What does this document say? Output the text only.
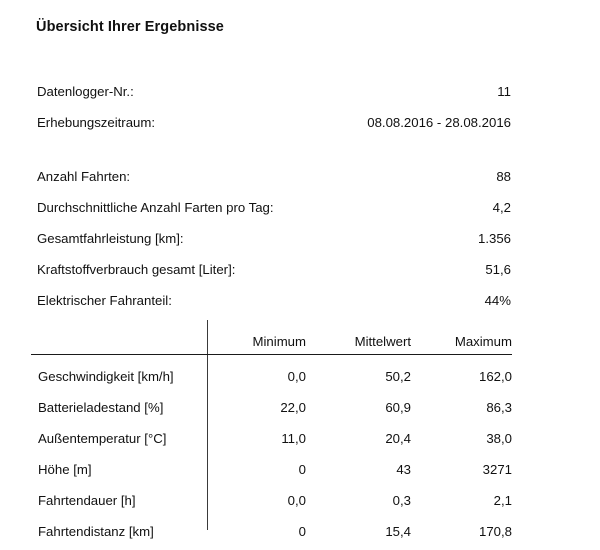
Übersicht Ihrer Ergebnisse
Datenlogger-Nr.:	11
Erhebungszeitraum:	08.08.2016 - 28.08.2016
Anzahl Fahrten:	88
Durchschnittliche Anzahl Farten pro Tag:	4,2
Gesamtfahrleistung [km]:	1.356
Kraftstoffverbrauch gesamt [Liter]:	51,6
Elektrischer Fahranteil:	44%
Minimum	Mittelwert	Maximum
Geschwindigkeit [km/h]	0,0	50,2	162,0
Batterieladestand [%]	22,0	60,9	86,3
Außentemperatur [°C]	11,0	20,4	38,0
Höhe [m]	0	43	3271
Fahrtendauer [h]	0,0	0,3	2,1
Fahrtendistanz [km]	0	15,4	170,8
